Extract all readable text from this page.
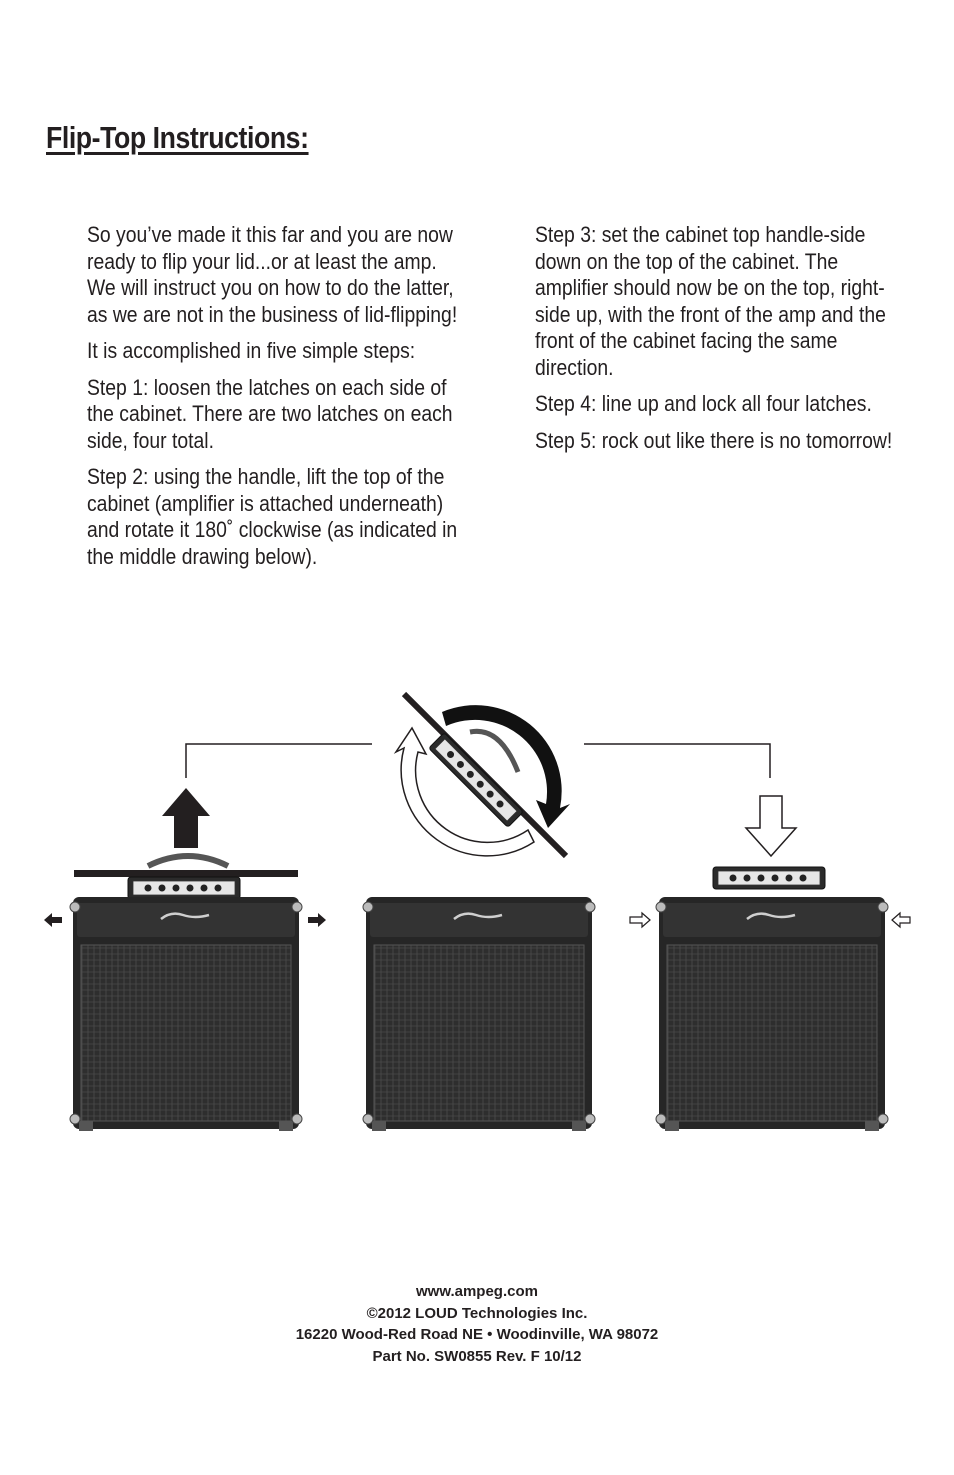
Flip-Top Instructions:

So you’ve made it this far and you are now ready to flip your lid...or at least the amp. We will instruct you on how to do the latter, as we are not in the business of lid-flipping!

It is accomplished in five simple steps:

Step 1: loosen the latches on each side of the cabinet. There are two latches on each side, four total.

Step 2: using the handle, lift the top of the cabinet (amplifier is attached underneath) and rotate it 180˚ clockwise (as indicated in the middle drawing below).

Step 3: set the cabinet top handle-side down on the top of the cabinet. The amplifier should now be on the top, right-side up, with the front of the amp and the front of the cabinet facing the same direction.

Step 4: line up and lock all four latches.

Step 5: rock out like there is no tomorrow!

www.ampeg.com
©2012 LOUD Technologies Inc.
16220 Wood-Red Road NE • Woodinville, WA 98072
Part No. SW0855 Rev. F 10/12
